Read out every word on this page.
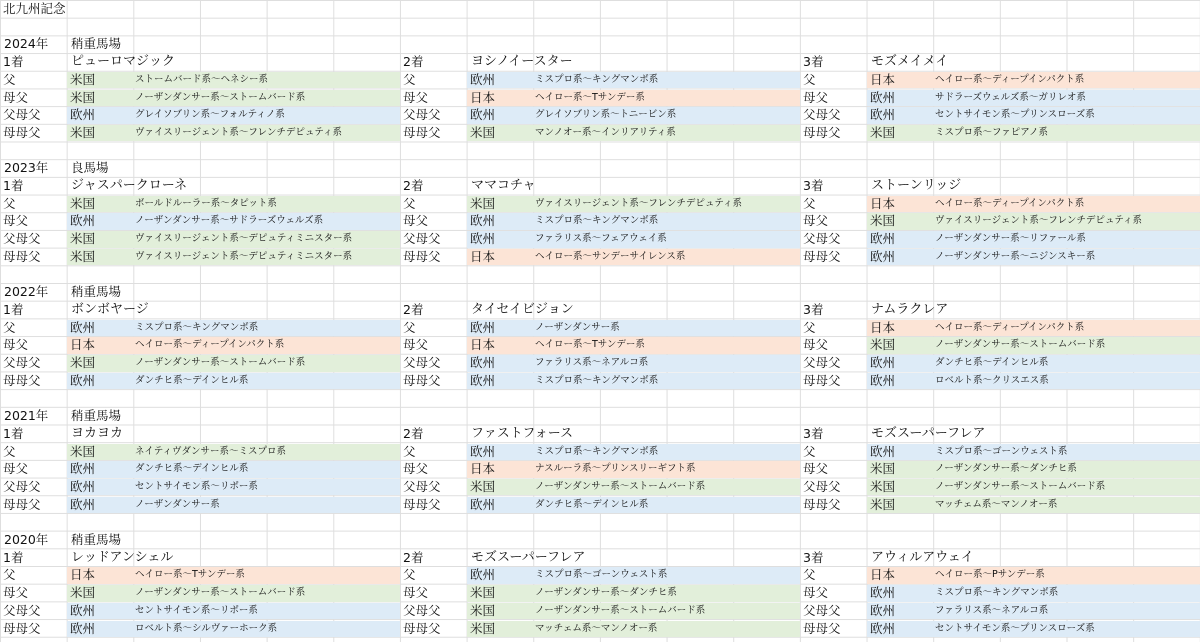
北九州記念
2024年	稍重馬場
1着	ピューロマジック	2着	ヨシノイースター	3着	モズメイメイ
父	米国	ストームバード系～ヘネシー系	父	欧州	ミスプロ系～キングマンボ系	父	日本	ヘイロー系～ディープインパクト系
母父	米国	ノーザンダンサー系～ストームバード系	母父	日本	ヘイロー系～Tサンデー系	母父	欧州	サドラーズウェルズ系～ガリレオ系
父母父 欧州	グレイソブリン系～フォルティノ系	父母父 欧州	グレイソブリン系～トニービン系	父母父 欧州	セントサイモン系～プリンスローズ系
母母父 米国	ヴァイスリージェント系～フレンチデピュティ系	母母父 米国	マンノオー系～インリアリティ系	母母父 米国	ミスプロ系～ファピアノ系
2023年	良馬場
1着	ジャスパークローネ	2着	ママコチャ	3着	ストーンリッジ
父	米国	ボールドルーラー系～タピット系	父	米国	ヴァイスリージェント系～フレンチデピュティ系	父	日本	ヘイロー系～ディープインパクト系
母父	欧州	ノーザンダンサー系～サドラーズウェルズ系	母父	欧州	ミスプロ系～キングマンボ系	母父	米国	ヴァイスリージェント系～フレンチデピュティ系
父母父 米国	ヴァイスリージェント系～デピュティミニスター系	父母父 欧州	ファラリス系～フェアウェイ系	父母父 欧州	ノーザンダンサー系～リファール系
母母父 米国	ヴァイスリージェント系～デピュティミニスター系	母母父 日本	ヘイロー系～サンデーサイレンス系	母母父 欧州	ノーザンダンサー系～ニジンスキー系
2022年	稍重馬場
1着	ボンボヤージ	2着	タイセイビジョン	3着	ナムラクレア
父	欧州	ミスプロ系～キングマンボ系	父	欧州	ノーザンダンサー系	父	日本	ヘイロー系～ディープインパクト系
母父	日本	ヘイロー系～ディープインパクト系	母父	日本	ヘイロー系～Tサンデー系	母父	米国	ノーザンダンサー系～ストームバード系
父母父 米国	ノーザンダンサー系～ストームバード系	父母父 欧州	ファラリス系～ネアルコ系	父母父 欧州	ダンチヒ系～デインヒル系
母母父 欧州	ダンチヒ系～デインヒル系	母母父 欧州	ミスプロ系～キングマンボ系	母母父 欧州	ロベルト系～クリスエス系
2021年	稍重馬場
1着	ヨカヨカ	2着	ファストフォース	3着	モズスーパーフレア
父	米国	ネイティヴダンサー系～ミスプロ系	父	欧州	ミスプロ系～キングマンボ系	父	欧州	ミスプロ系～ゴーンウェスト系
母父	欧州	ダンチヒ系～デインヒル系	母父	日本	ナスルーラ系～プリンスリーギフト系	母父	米国	ノーザンダンサー系～ダンチヒ系
父母父 欧州	セントサイモン系～リボー系	父母父 米国	ノーザンダンサー系～ストームバード系	父母父 米国	ノーザンダンサー系～ストームバード系
母母父 欧州	ノーザンダンサー系	母母父 欧州	ダンチヒ系～デインヒル系	母母父 米国	マッチェム系～マンノオー系
2020年	稍重馬場
1着	レッドアンシェル	2着	モズスーパーフレア	3着	アウィルアウェイ
父	日本	ヘイロー系～Tサンデー系	父	欧州	ミスプロ系～ゴーンウェスト系	父	日本	ヘイロー系～Pサンデー系
母父	米国	ノーザンダンサー系～ストームバード系	母父	米国	ノーザンダンサー系～ダンチヒ系	母父	欧州	ミスプロ系～キングマンボ系
父母父 欧州	セントサイモン系～リボー系	父母父 米国	ノーザンダンサー系～ストームバード系	父母父 欧州	ファラリス系～ネアルコ系
母母父 欧州	ロベルト系～シルヴァーホーク系	母母父 米国	マッチェム系～マンノオー系	母母父 欧州	セントサイモン系～プリンスローズ系
